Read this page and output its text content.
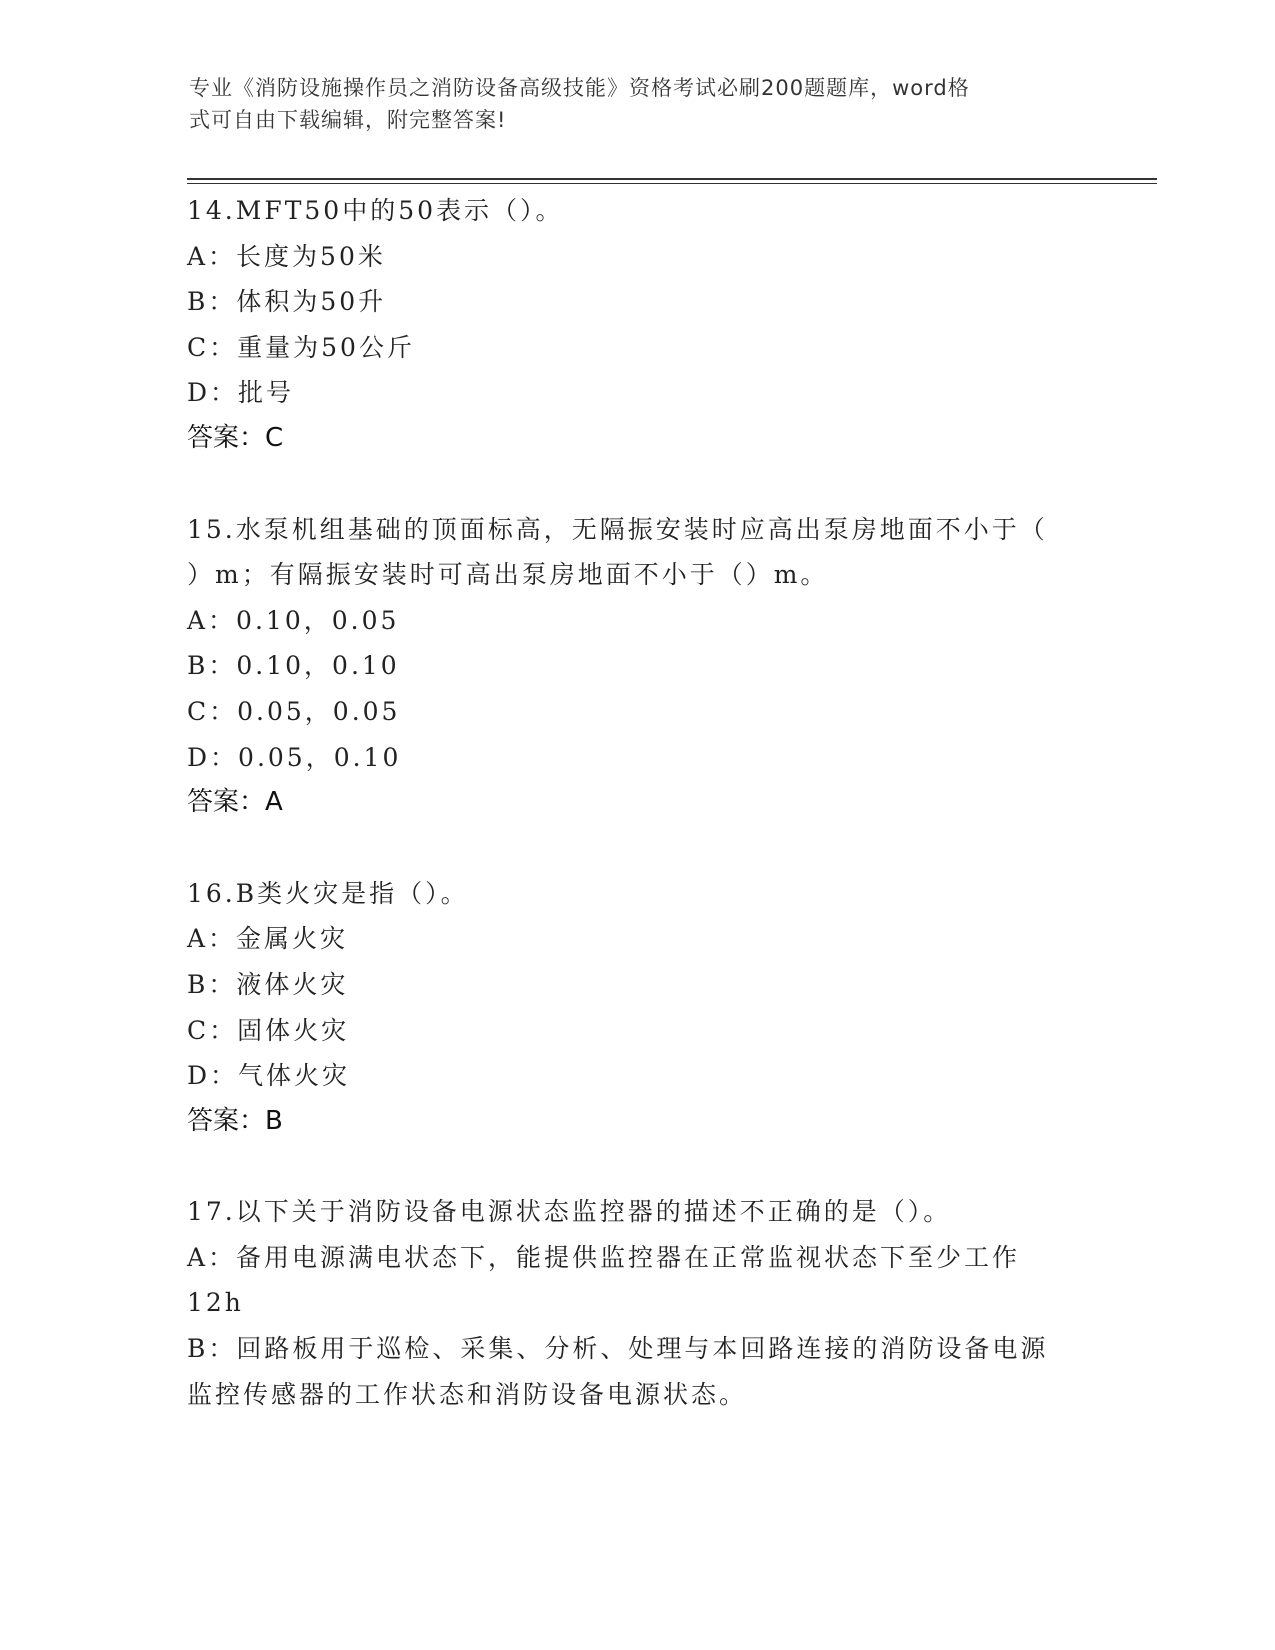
专业《消防设施操作员之消防设备高级技能》资格考试必刷200题题库，word格
式可自由下载编辑，附完整答案!
14.MFT50中的50表示（）。
A：长度为50米
B：体积为50升
C：重量为50公斤
D：批号
答案：C
15.水泵机组基础的顶面标高，无隔振安装时应高出泵房地面不小于（
）m；有隔振安装时可高出泵房地面不小于（）m。
A：0.10，0.05
B：0.10，0.10
C：0.05，0.05
D：0.05，0.10
答案：A
16.B类火灾是指（）。
A：金属火灾
B：液体火灾
C：固体火灾
D：气体火灾
答案：B
17.以下关于消防设备电源状态监控器的描述不正确的是（）。
A：备用电源满电状态下，能提供监控器在正常监视状态下至少工作
12h
B：回路板用于巡检、采集、分析、处理与本回路连接的消防设备电源
监控传感器的工作状态和消防设备电源状态。
